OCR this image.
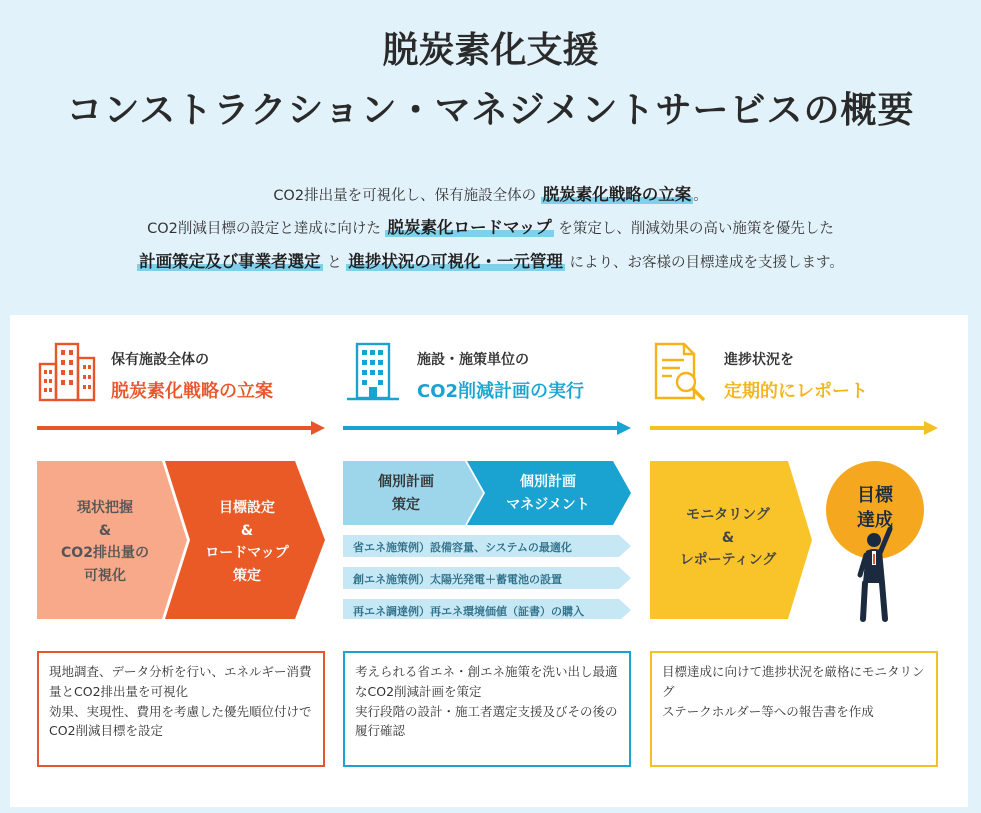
脱炭素化支援
コンストラクション・マネジメントサービスの概要
CO2排出量を可視化し、保有施設全体の 脱炭素化戦略の立案 。
CO2削減目標の設定と達成に向けた 脱炭素化ロードマップ を策定し、削減効果の高い施策を優先した
計画策定及び事業者選定 と 進捗状況の可視化・一元管理 により、お客様の目標達成を支援します。
保有施設全体の
脱炭素化戦略の立案
現状把握
&
CO2排出量の
可視化
目標設定
&
ロードマップ
策定
現地調査、データ分析を行い、エネルギー消費量とCO2排出量を可視化
効果、実現性、費用を考慮した優先順位付けでCO2削減目標を設定
施設・施策単位の
CO2削減計画の実行
個別計画
策定
個別計画
マネジメント
省エネ施策例）設備容量、システムの最適化
創エネ施策例）太陽光発電＋蓄電池の設置
再エネ調達例）再エネ環境価値（証書）の購入
考えられる省エネ・創エネ施策を洗い出し最適なCO2削減計画を策定
実行段階の設計・施工者選定支援及びその後の履行確認
進捗状況を
定期的にレポート
モニタリング
&
レポーティング
目標
達成
目標達成に向けて進捗状況を厳格にモニタリング
ステークホルダー等への報告書を作成
